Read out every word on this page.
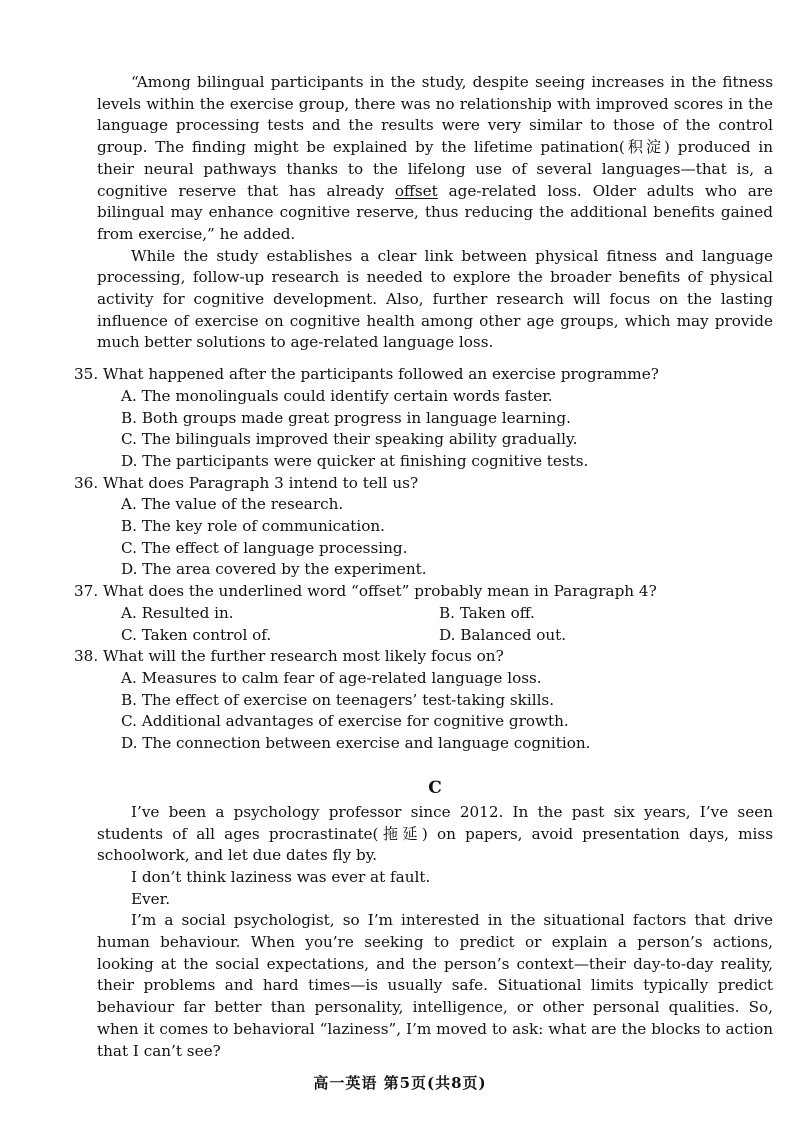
“Among bilingual participants in the study, despite seeing increases in the fitness levels within the exercise group, there was no relationship with improved scores in the language processing tests and the results were very similar to those of the control group. The finding might be explained by the lifetime patination(积淀) produced in their neural pathways thanks to the lifelong use of several languages—that is, a cognitive reserve that has already offset age-related loss. Older adults who are bilingual may enhance cognitive reserve, thus reducing the additional benefits gained from exercise,” he added.

While the study establishes a clear link between physical fitness and language processing, follow-up research is needed to explore the broader benefits of physical activity for cognitive development. Also, further research will focus on the lasting influence of exercise on cognitive health among other age groups, which may provide much better solutions to age-related language loss.

35. What happened after the participants followed an exercise programme?

A. The monolinguals could identify certain words faster.

B. Both groups made great progress in language learning.

C. The bilinguals improved their speaking ability gradually.

D. The participants were quicker at finishing cognitive tests.

36. What does Paragraph 3 intend to tell us?

A. The value of the research.

B. The key role of communication.

C. The effect of language processing.

D. The area covered by the experiment.

37. What does the underlined word “offset” probably mean in Paragraph 4?

A. Resulted in.	B. Taken off.
C. Taken control of.	D. Balanced out.

38. What will the further research most likely focus on?

A. Measures to calm fear of age-related language loss.

B. The effect of exercise on teenagers’ test-taking skills.

C. Additional advantages of exercise for cognitive growth.

D. The connection between exercise and language cognition.

C

I’ve been a psychology professor since 2012. In the past six years, I’ve seen students of all ages procrastinate(拖延) on papers, avoid presentation days, miss schoolwork, and let due dates fly by.

I don’t think laziness was ever at fault.

Ever.

I’m a social psychologist, so I’m interested in the situational factors that drive human behaviour. When you’re seeking to predict or explain a person’s actions, looking at the social expectations, and the person’s context—their day-to-day reality, their problems and hard times—is usually safe. Situational limits typically predict behaviour far better than personality, intelligence, or other personal qualities. So, when it comes to behavioral “laziness”, I’m moved to ask: what are the blocks to action that I can’t see?

高一英语 第5页(共8页)
